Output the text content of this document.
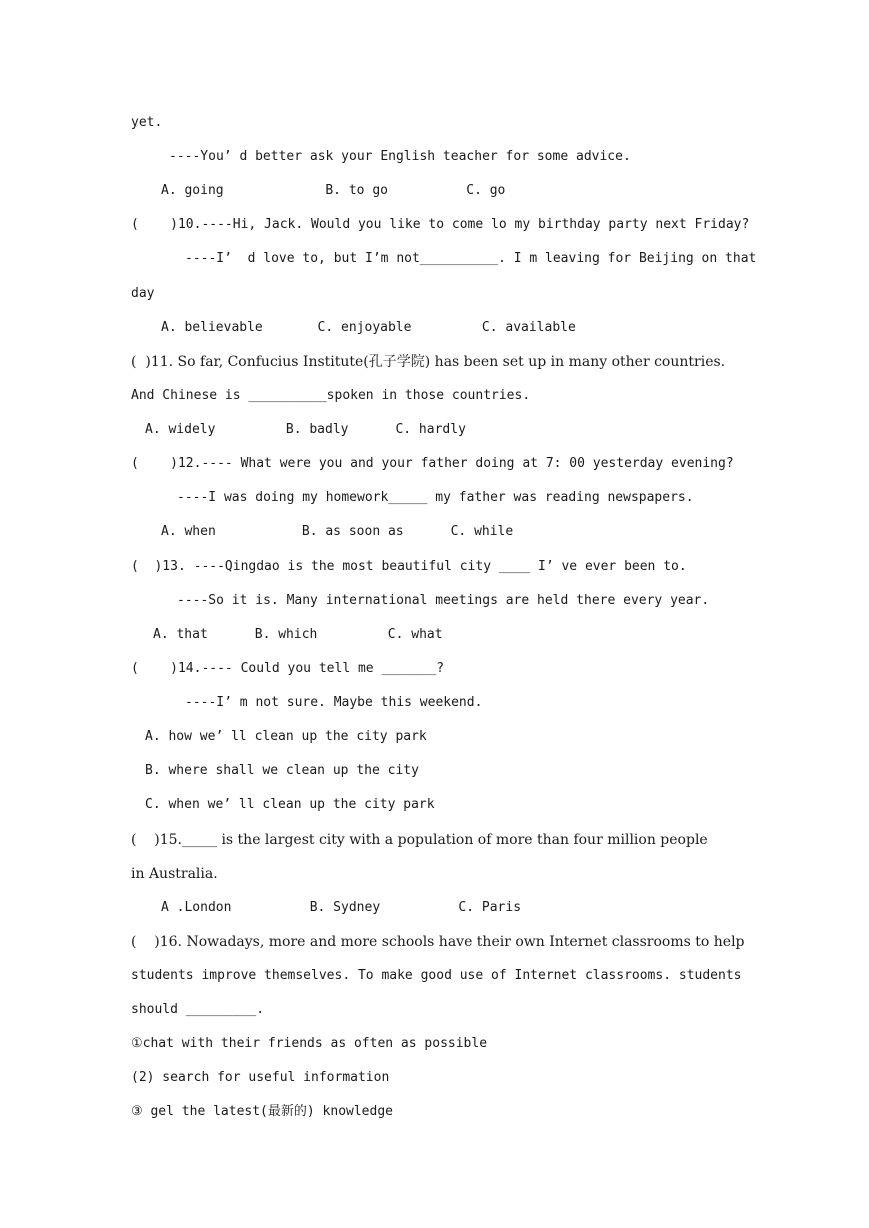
yet.
----You’ d better ask your English teacher for some advice.
A. going             B. to go          C. go
(    )10.----Hi, Jack. Would you like to come lo my birthday party next Friday?
----I’  d love to, but I’m not__________. I m leaving for Beijing on that
day
A. believable       C. enjoyable         C. available
(  )11. So far, Confucius Institute(孔子学院) has been set up in many other countries.
And Chinese is __________spoken in those countries.
A. widely         B. badly      C. hardly
(    )12.---- What were you and your father doing at 7: 00 yesterday evening?
----I was doing my homework_____ my father was reading newspapers.
A. when           B. as soon as      C. while
(  )13. ----Qingdao is the most beautiful city ____ I’ ve ever been to.
----So it is. Many international meetings are held there every year.
A. that      B. which         C. what
(    )14.---- Could you tell me _______?
----I’ m not sure. Maybe this weekend.
A. how we’ ll clean up the city park
B. where shall we clean up the city
C. when we’ ll clean up the city park
(    )15._____ is the largest city with a population of more than four million people
in Australia.
A .London          B. Sydney          C. Paris
(    )16. Nowadays, more and more schools have their own Internet classrooms to help
students improve themselves. To make good use of Internet classrooms. students
should _________.
①chat with their friends as often as possible
(2) search for useful information
③ gel the latest(最新的) knowledge
